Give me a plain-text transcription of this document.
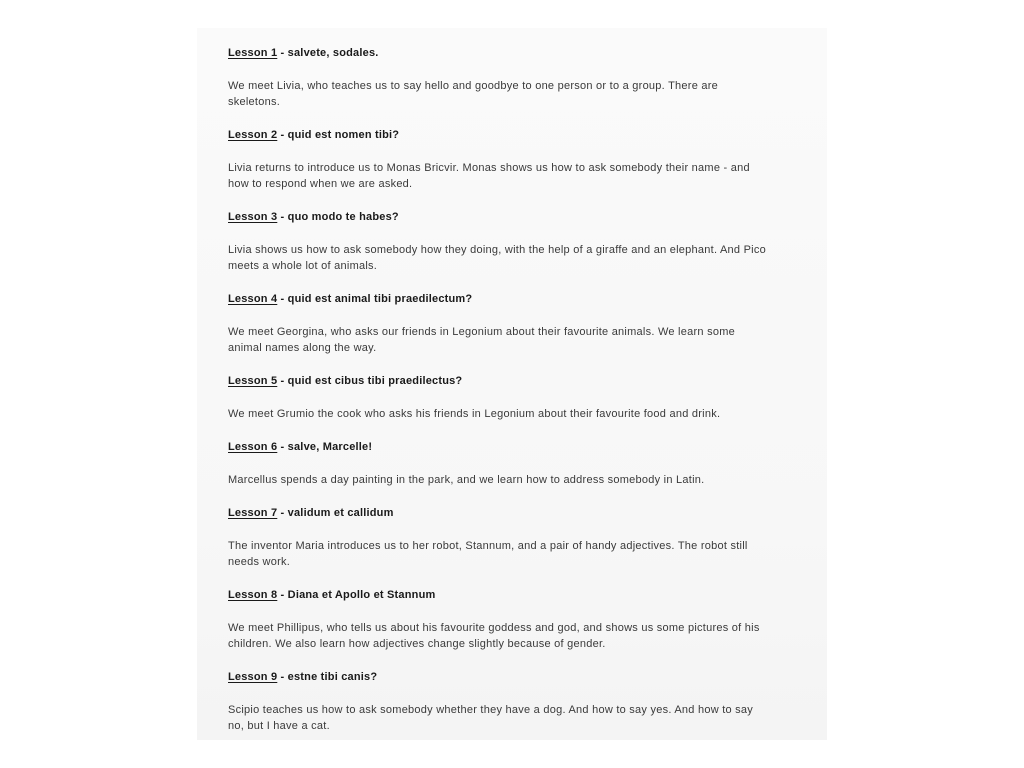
Lesson 1 - salvete, sodales.
We meet Livia, who teaches us to say hello and goodbye to one person or to a group. There are skeletons.
Lesson 2 - quid est nomen tibi?
Livia returns to introduce us to Monas Bricvir. Monas shows us how to ask somebody their name - and how to respond when we are asked.
Lesson 3 - quo modo te habes?
Livia shows us how to ask somebody how they doing, with the help of a giraffe and an elephant. And Pico meets a whole lot of animals.
Lesson 4 - quid est animal tibi praedilectum?
We meet Georgina, who asks our friends in Legonium about their favourite animals. We learn some animal names along the way.
Lesson 5 - quid est cibus tibi praedilectus?
We meet Grumio the cook who asks his friends in Legonium about their favourite food and drink.
Lesson 6 - salve, Marcelle!
Marcellus spends a day painting in the park, and we learn how to address somebody in Latin.
Lesson 7 - validum et callidum
The inventor Maria introduces us to her robot, Stannum, and a pair of handy adjectives. The robot still needs work.
Lesson 8 - Diana et Apollo et Stannum
We meet Phillipus, who tells us about his favourite goddess and god, and shows us some pictures of his children. We also learn how adjectives change slightly because of gender.
Lesson 9 - estne tibi canis?
Scipio teaches us how to ask somebody whether they have a dog. And how to say yes. And how to say no, but I have a cat.
